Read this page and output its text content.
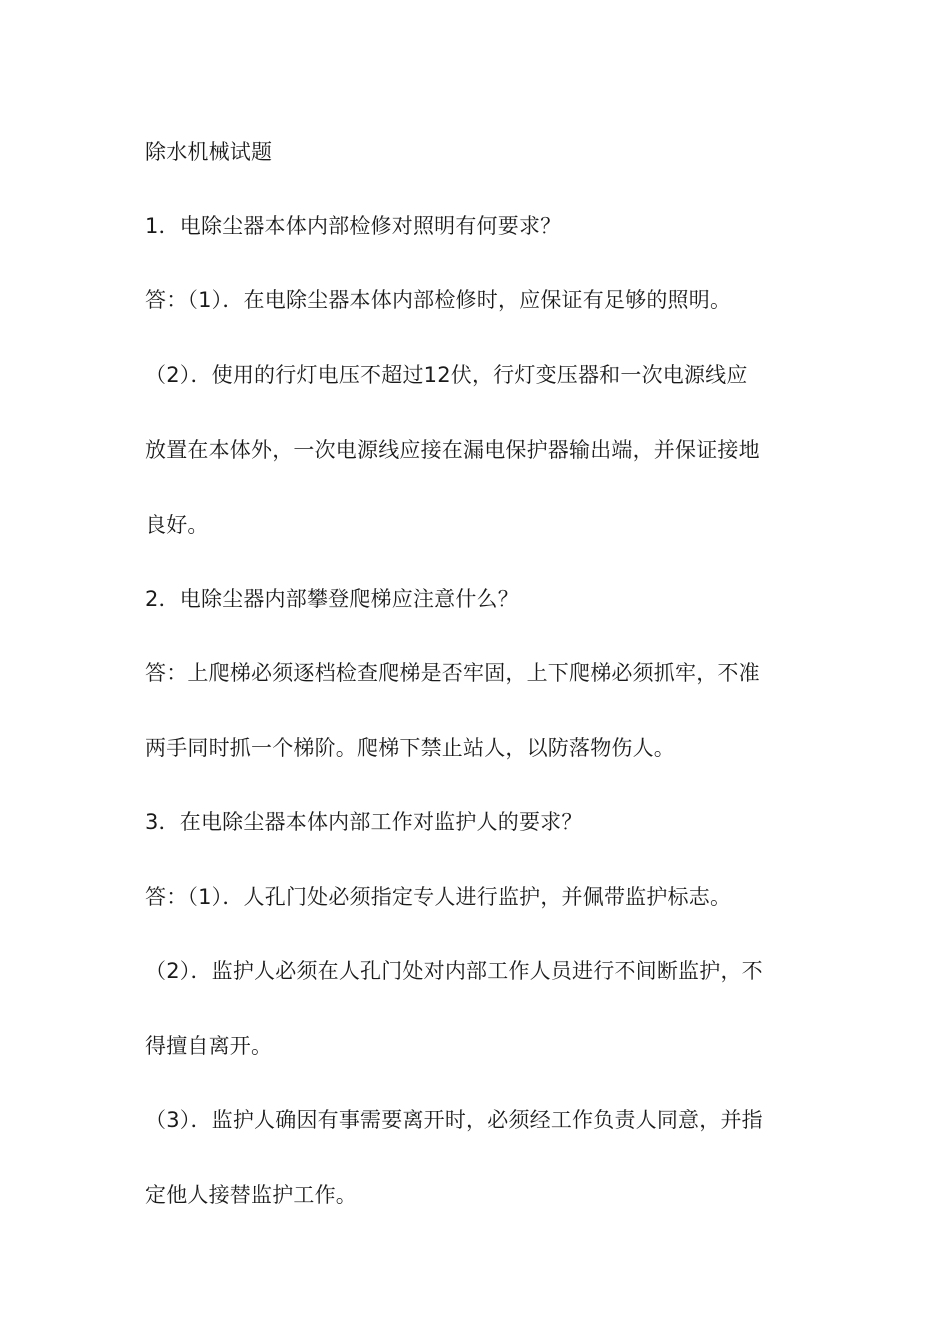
除水机械试题
1．电除尘器本体内部检修对照明有何要求？
答：（1）．在电除尘器本体内部检修时，应保证有足够的照明。
（2）．使用的行灯电压不超过12伏，行灯变压器和一次电源线应
放置在本体外，一次电源线应接在漏电保护器输出端，并保证接地
良好。
2．电除尘器内部攀登爬梯应注意什么？
答：上爬梯必须逐档检查爬梯是否牢固，上下爬梯必须抓牢，不准
两手同时抓一个梯阶。爬梯下禁止站人，以防落物伤人。
3．在电除尘器本体内部工作对监护人的要求？
答：（1）．人孔门处必须指定专人进行监护，并佩带监护标志。
（2）．监护人必须在人孔门处对内部工作人员进行不间断监护，不
得擅自离开。
（3）．监护人确因有事需要离开时，必须经工作负责人同意，并指
定他人接替监护工作。
